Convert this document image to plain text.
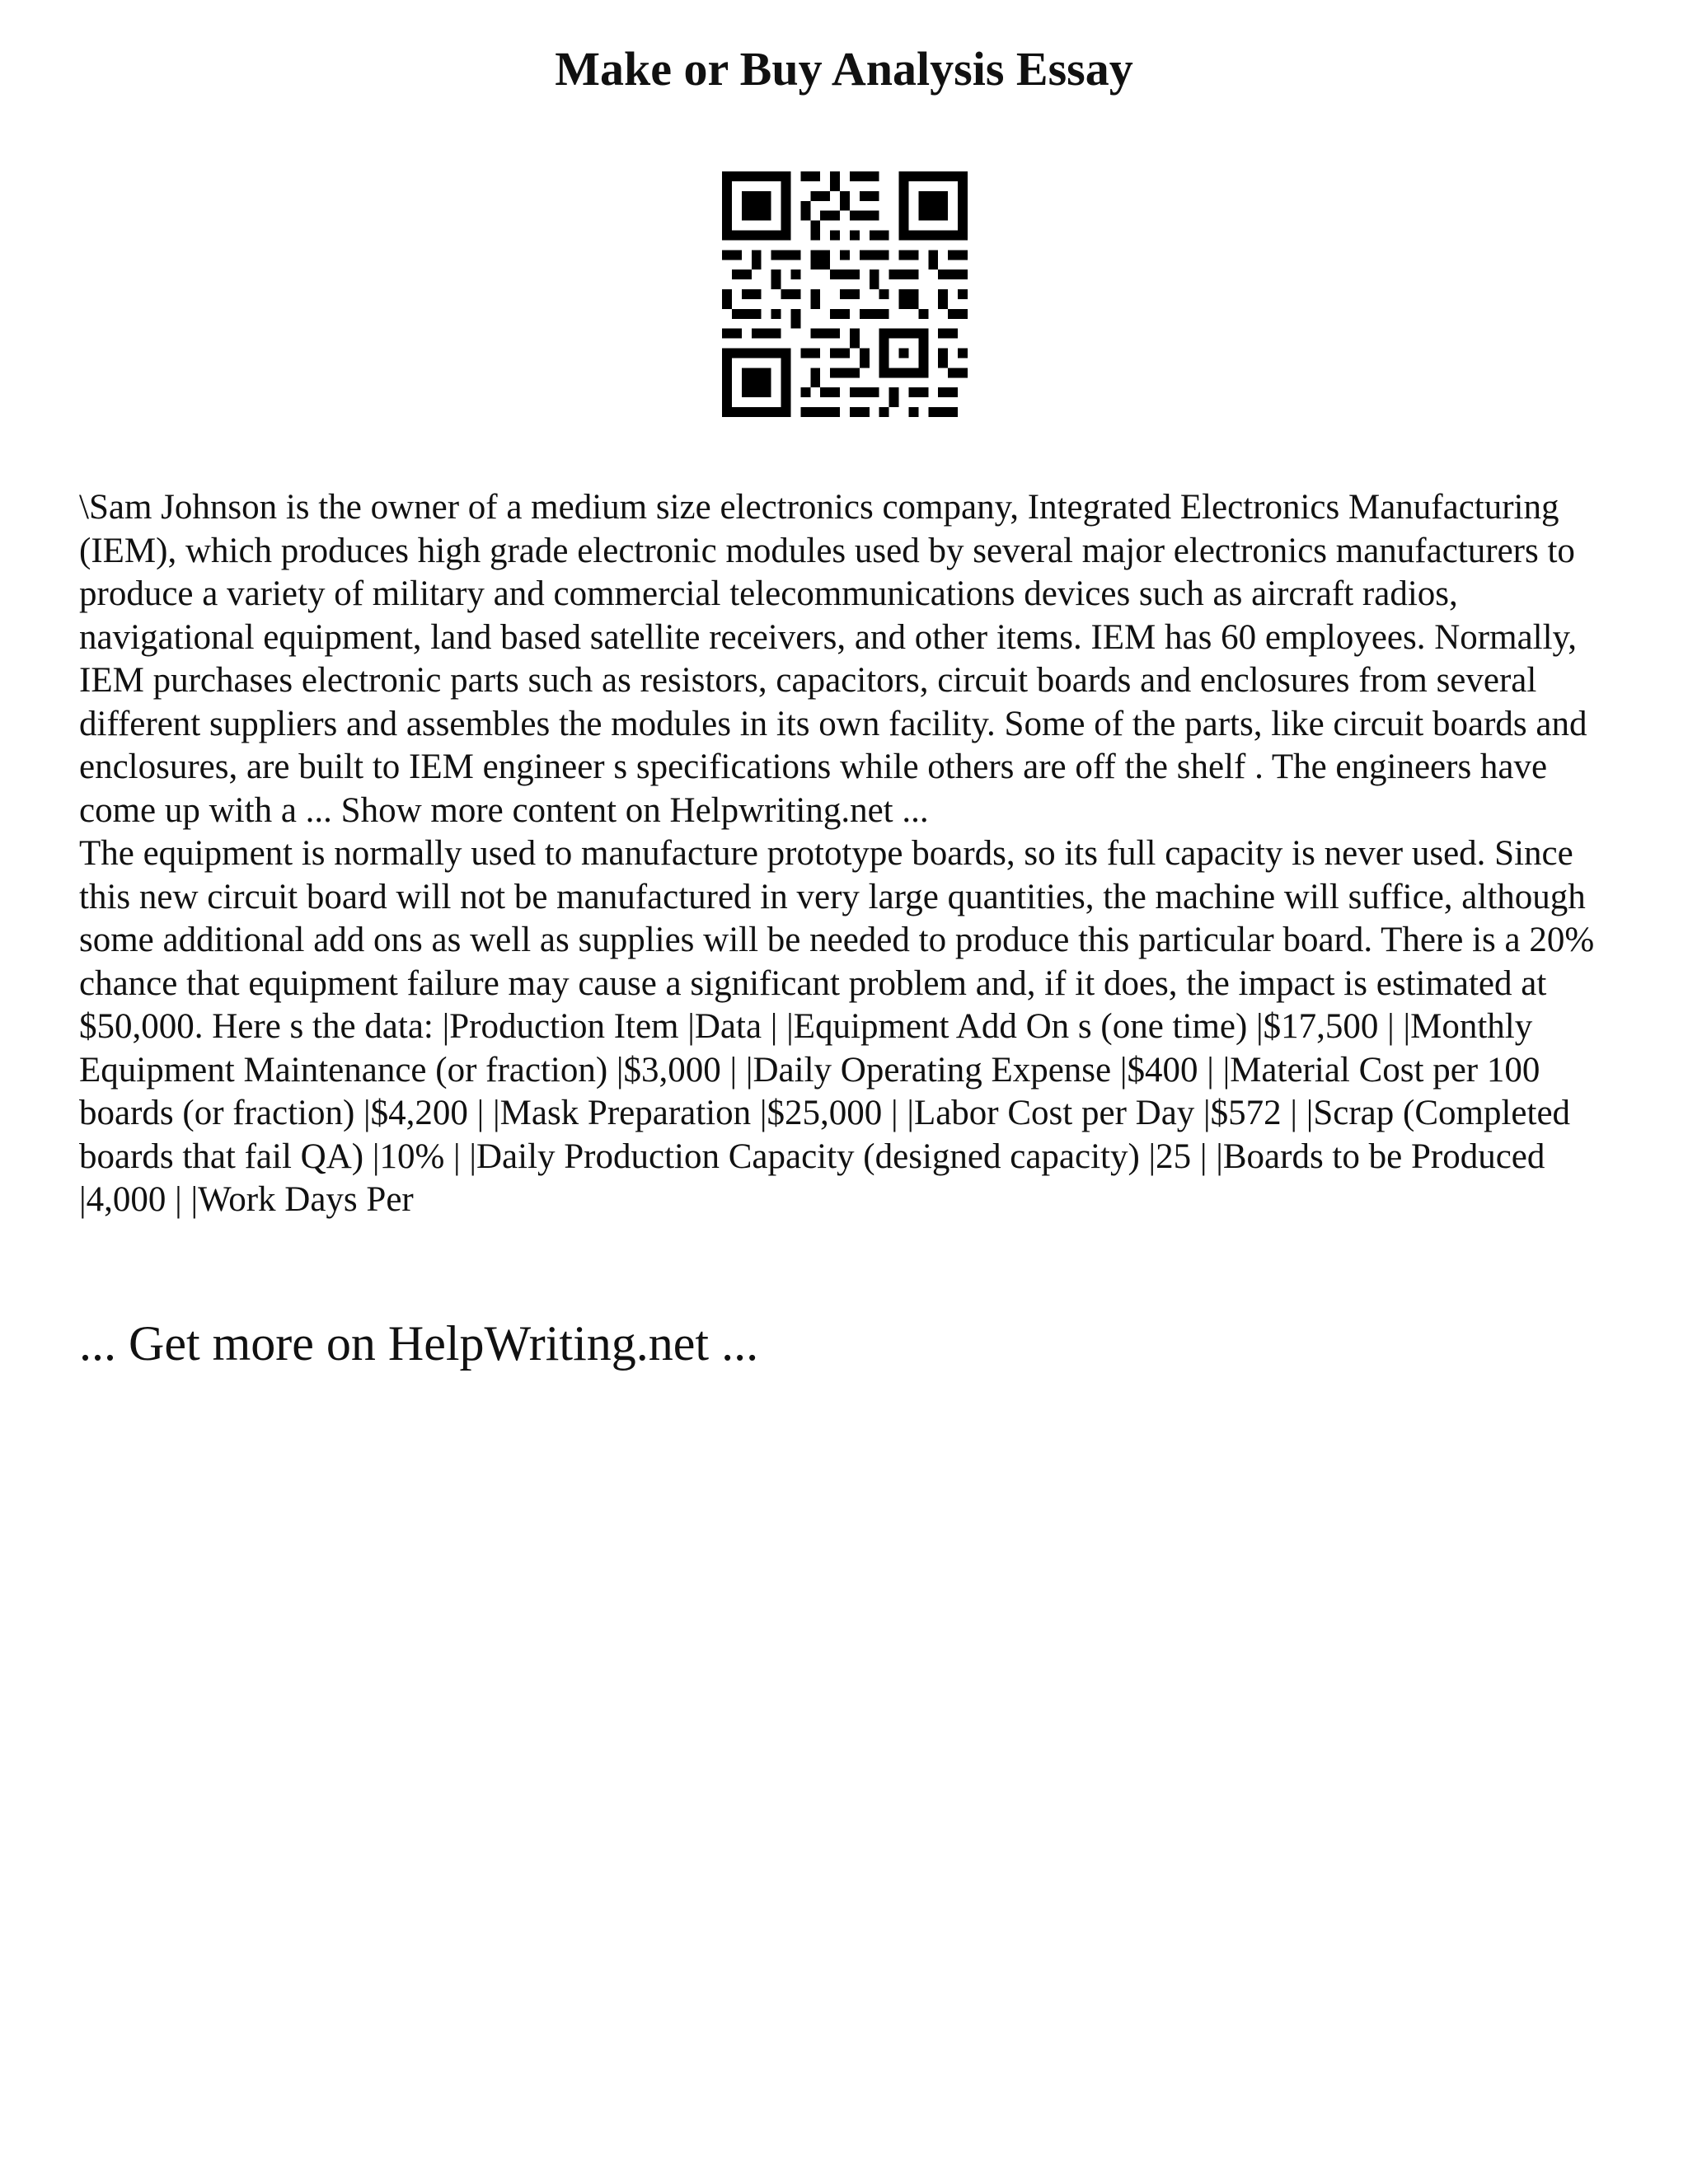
Make or Buy Analysis Essay

\Sam Johnson is the owner of a medium size electronics company, Integrated Electronics Manufacturing (IEM), which produces high grade electronic modules used by several major electronics manufacturers to produce a variety of military and commercial telecommunications devices such as aircraft radios, navigational equipment, land based satellite receivers, and other items. IEM has 60 employees. Normally, IEM purchases electronic parts such as resistors, capacitors, circuit boards and enclosures from several different suppliers and assembles the modules in its own facility. Some of the parts, like circuit boards and enclosures, are built to IEM engineer s specifications while others are off the shelf . The engineers have come up with a ... Show more content on Helpwriting.net ...

The equipment is normally used to manufacture prototype boards, so its full capacity is never used. Since this new circuit board will not be manufactured in very large quantities, the machine will suffice, although some additional add ons as well as supplies will be needed to produce this particular board. There is a 20% chance that equipment failure may cause a significant problem and, if it does, the impact is estimated at $50,000. Here s the data: |Production Item |Data | |Equipment Add On s (one time) |$17,500 | |Monthly Equipment Maintenance (or fraction) |$3,000 | |Daily Operating Expense |$400 | |Material Cost per 100 boards (or fraction) |$4,200 | |Mask Preparation |$25,000 | |Labor Cost per Day |$572 | |Scrap (Completed boards that fail QA) |10% | |Daily Production Capacity (designed capacity) |25 | |Boards to be Produced |4,000 | |Work Days Per

... Get more on HelpWriting.net ...
